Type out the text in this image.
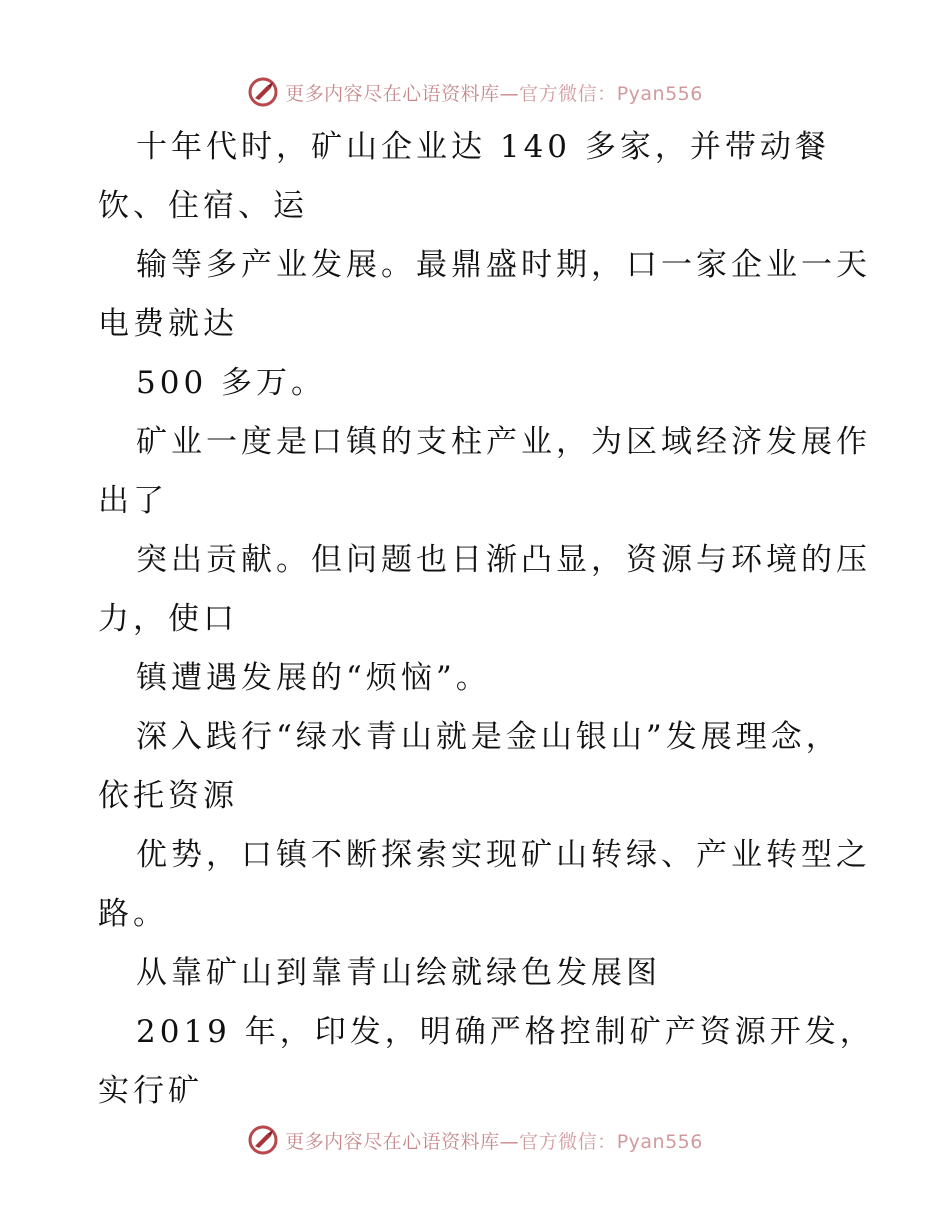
更多内容尽在心语资料库—官方微信：Pyan556
十年代时，矿山企业达 140 多家，并带动餐
饮、住宿、运
输等多产业发展。最鼎盛时期，口一家企业一天
电费就达
500 多万。
矿业一度是口镇的支柱产业，为区域经济发展作
出了
突出贡献。但问题也日渐凸显，资源与环境的压
力，使口
镇遭遇发展的“烦恼”。
深入践行“绿水青山就是金山银山”发展理念，
依托资源
优势，口镇不断探索实现矿山转绿、产业转型之
路。
从靠矿山到靠青山绘就绿色发展图
2019 年，印发，明确严格控制矿产资源开发，
实行矿
更多内容尽在心语资料库—官方微信：Pyan556
